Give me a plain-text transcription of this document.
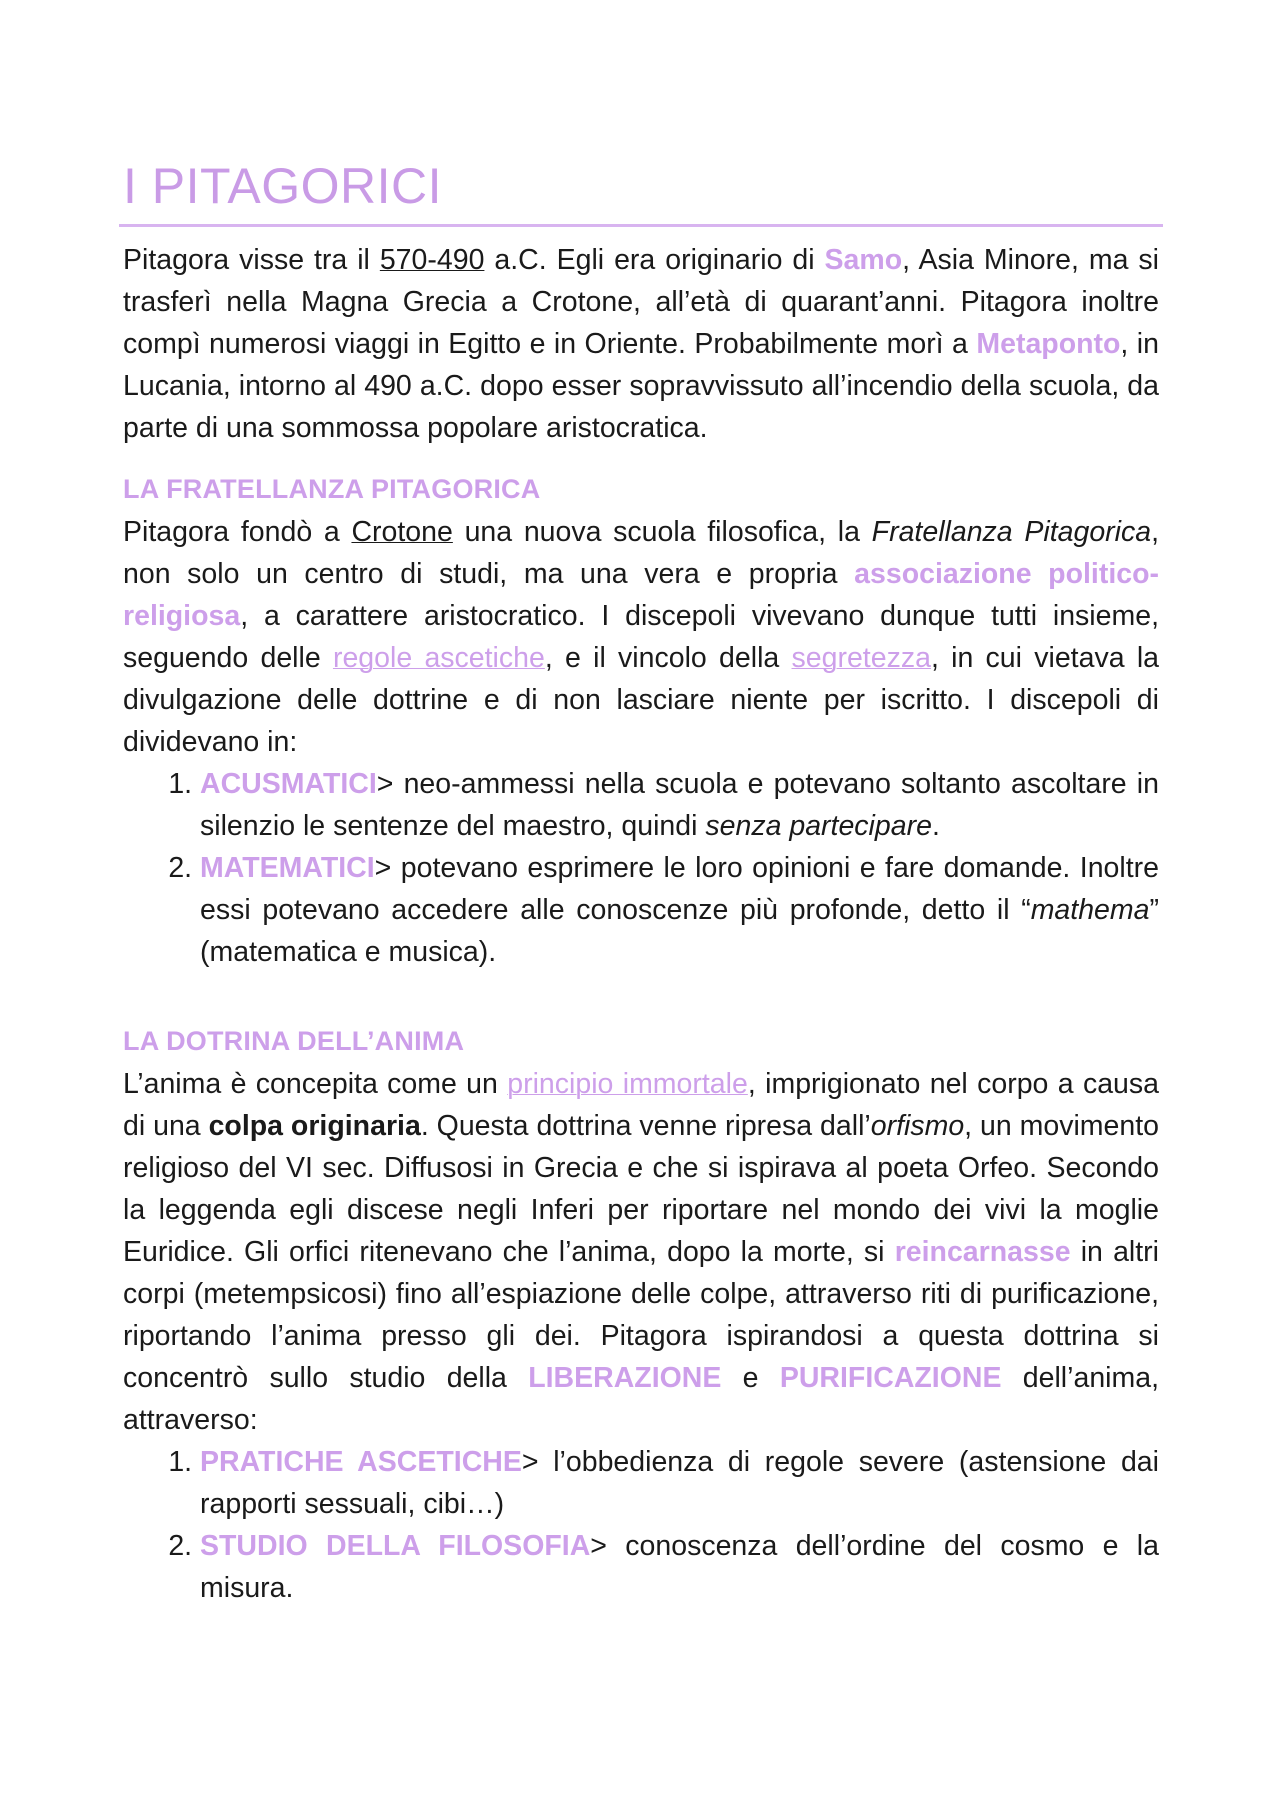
I PITAGORICI

Pitagora visse tra il 570-490 a.C. Egli era originario di Samo, Asia Minore, ma si trasferì nella Magna Grecia a Crotone, all’età di quarant’anni. Pitagora inoltre compì numerosi viaggi in Egitto e in Oriente. Probabilmente morì a Metaponto, in Lucania, intorno al 490 a.C. dopo esser sopravvissuto all’incendio della scuola, da parte di una sommossa popolare aristocratica.

LA FRATELLANZA PITAGORICA

Pitagora fondò a Crotone una nuova scuola filosofica, la Fratellanza Pitagorica, non solo un centro di studi, ma una vera e propria associazione politico-religiosa, a carattere aristocratico. I discepoli vivevano dunque tutti insieme, seguendo delle regole ascetiche, e il vincolo della segretezza, in cui vietava la divulgazione delle dottrine e di non lasciare niente per iscritto. I discepoli di dividevano in:

1. ACUSMATICI> neo-ammessi nella scuola e potevano soltanto ascoltare in silenzio le sentenze del maestro, quindi senza partecipare.
2. MATEMATICI> potevano esprimere le loro opinioni e fare domande. Inoltre essi potevano accedere alle conoscenze più profonde, detto il “mathema” (matematica e musica).
LA DOTRINA DELL’ANIMA

L’anima è concepita come un principio immortale, imprigionato nel corpo a causa di una colpa originaria. Questa dottrina venne ripresa dall’orfismo, un movimento religioso del VI sec. Diffusosi in Grecia e che si ispirava al poeta Orfeo. Secondo la leggenda egli discese negli Inferi per riportare nel mondo dei vivi la moglie Euridice. Gli orfici ritenevano che l’anima, dopo la morte, si reincarnasse in altri corpi (metempsicosi) fino all’espiazione delle colpe, attraverso riti di purificazione, riportando l’anima presso gli dei. Pitagora ispirandosi a questa dottrina si concentrò sullo studio della LIBERAZIONE e PURIFICAZIONE dell’anima, attraverso:

1. PRATICHE ASCETICHE> l’obbedienza di regole severe (astensione dai rapporti sessuali, cibi…)
2. STUDIO DELLA FILOSOFIA> conoscenza dell’ordine del cosmo e la misura.
